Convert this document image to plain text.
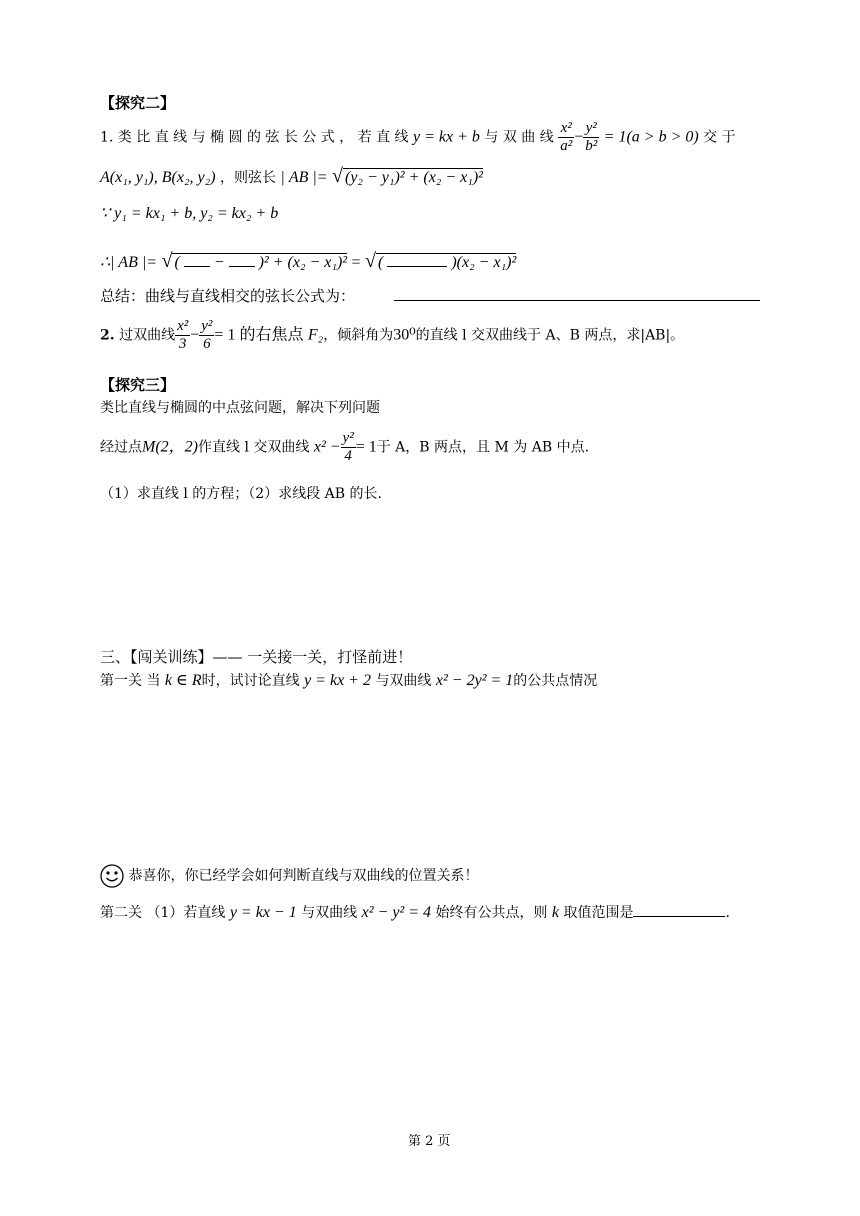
【探究二】
1. 类 比 直 线 与 椭 圆 的 弦 长 公 式 ， 若 直 线 y = kx + b 与 双 曲 线 $\frac{\text{x²}}{\text{a²}} - \frac{\text{y²}}{\text{b²}} = 1(a > b > 0)$ 交 于
A(x₁, y₁), B(x₂, y₂) ，则弦长 | AB |= √ (y₂ − y₁)² + (x₂ − x₁)²
∵ y₁ = kx₁ + b, y₂ = kx₂ + b
∴| AB |= √ (  −  )² + (x₂ − x₁)² = √ (	)(x₂ − x₁)²
总结：曲线与直线相交的弦长公式为：
2. 过双曲线 $\frac{\text{x²}}{3} - \frac{\text{y²}}{6} = 1$ 的右焦点 F₂，倾斜角为30⁰的直线 l 交双曲线于 A、B 两点，求|AB|。
【探究三】
类比直线与椭圆的中点弦问题，解决下列问题
经过点M(2，2)作直线 l 交双曲线 $x^2 - \frac{\text{y²}}{4} = 1$于 A，B 两点，且 M 为 AB 中点.
（1）求直线 l 的方程；（2）求线段 AB 的长.
三、【闯关训练】—— 一关接一关，打怪前进！
第一关 当 k ∈ R时，试讨论直线 y = kx + 2 与双曲线 x² − 2y² = 1的公共点情况
恭喜你，你已经学会如何判断直线与双曲线的位置关系！
第二关 （1）若直线 y = kx − 1 与双曲线 x² − y² = 4 始终有公共点，则 k 取值范围是	.
第 2 页
